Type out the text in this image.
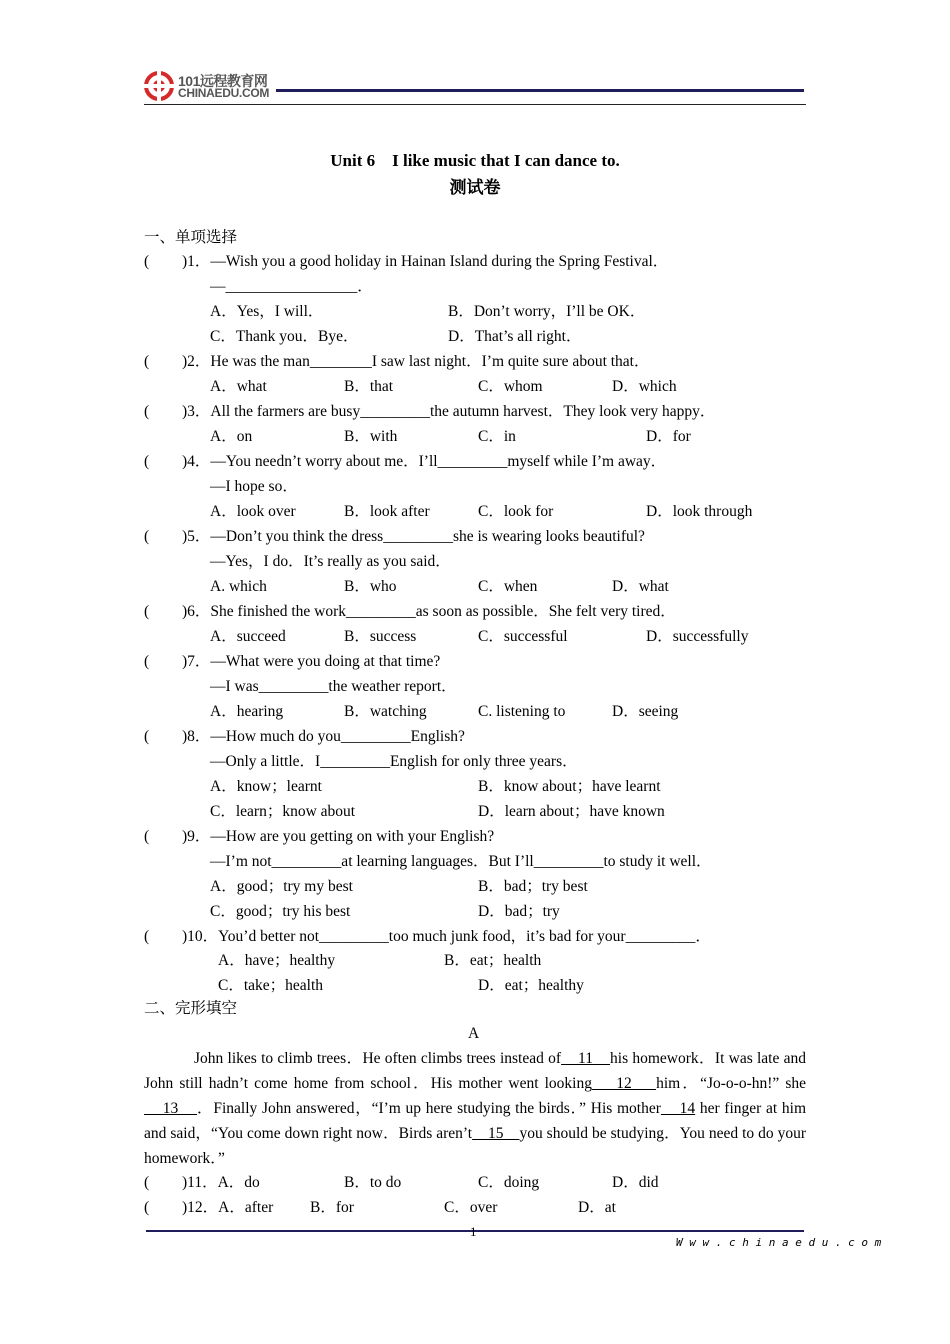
101远程教育网
CHINAEDU.COM
Unit 6    I like music that I can dance to.
测试卷
一、单项选择
( )1．—Wish you a good holiday in Hainan Island during the Spring Festival．
—_________________．
A．Yes，I will．	B．Don’t worry，I’ll be OK．
C．Thank you．Bye．	D．That’s all right．
( )2．He was the man________I saw last night．I’m quite sure about that．
A．what	B．that	C．whom	D．which
( )3．All the farmers are busy_________the autumn harvest．They look very happy．
A．on	B．with	C．in	D．for
( )4．—You needn’t worry about me．I’ll_________myself while I’m away．
—I hope so．
A．look over	B．look after	C．look for	D．look through
( )5．—Don’t you think the dress_________she is wearing looks beautiful?
—Yes，I do．It’s really as you said．
A. which	B．who	C．when	D．what
( )6．She finished the work_________as soon as possible．She felt very tired．
A．succeed	B．success	C．successful	D．successfully
( )7．—What were you doing at that time?
—I was_________the weather report．
A．hearing	B．watching	C. listening to	D．seeing
( )8．—How much do you_________English?
—Only a little．I_________English for only three years．
A．know；learnt	B．know about；have learnt
C．learn；know about	D．learn about；have known
( )9．—How are you getting on with your English?
—I’m not_________at learning languages．But I’ll_________to study it well．
A．good；try my best	B．bad；try best
C．good；try his best	D．bad；try
( )10．You’d better not_________too much junk food，it’s bad for your_________．
A．have；healthy	B．eat；health
C．take；health	D．eat；healthy
二、完形填空
A
John likes to climb trees．He often climbs trees instead of    11    his homework．It was late and John still hadn’t come home from school．His mother went looking    12    him．“Jo-o-o-hn!” she    13    ．Finally John answered，“I’m up here studying the birds．” His mother    14 her finger at him and said，“You come down right now．Birds aren’t    15    you should be studying．You need to do your homework．”
( )11．A．do	B．to do	C．doing	D．did
( )12．A．after B．for	C．over	D．at
1
W w w . c h i n a e d u . c o m
